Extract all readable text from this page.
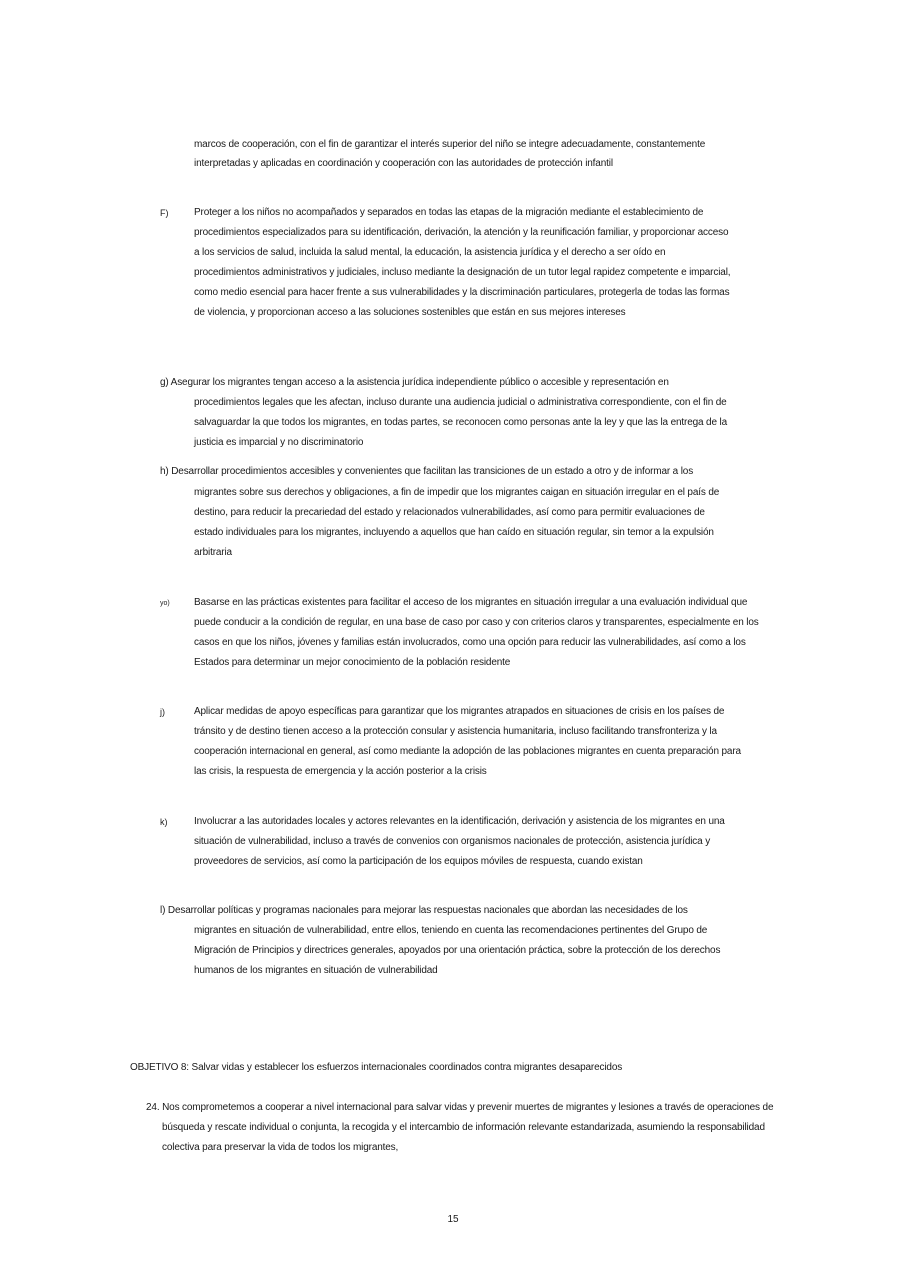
15
marcos de cooperación, con el fin de garantizar el interés superior del niño se integre adecuadamente, constantemente
interpretadas y aplicadas en coordinación y cooperación con las autoridades de protección infantil
F)	Proteger a los niños no acompañados y separados en todas las etapas de la migración mediante el establecimiento de
procedimientos especializados para su identificación, derivación, la atención y la reunificación familiar, y proporcionar acceso
a los servicios de salud, incluida la salud mental, la educación, la asistencia jurídica y el derecho a ser oído en
procedimientos administrativos y judiciales, incluso mediante la designación de un tutor legal rapidez competente e imparcial,
como medio esencial para hacer frente a sus vulnerabilidades y la discriminación particulares, protegerla de todas las formas
de violencia, y proporcionan acceso a las soluciones sostenibles que están en sus mejores intereses
g) Asegurar los migrantes tengan acceso a la asistencia jurídica independiente público o accesible y representación en
procedimientos legales que les afectan, incluso durante una audiencia judicial o administrativa correspondiente, con el fin de
salvaguardar la que todos los migrantes, en todas partes, se reconocen como personas ante la ley y que las la entrega de la
justicia es imparcial y no discriminatorio
h) Desarrollar procedimientos accesibles y convenientes que facilitan las transiciones de un estado a otro y de informar a los
migrantes sobre sus derechos y obligaciones, a fin de impedir que los migrantes caigan en situación irregular en el país de
destino, para reducir la precariedad del estado y relacionados vulnerabilidades, así como para permitir evaluaciones de
estado individuales para los migrantes, incluyendo a aquellos que han caído en situación regular, sin temor a la expulsión
arbitraria
yo) Basarse en las prácticas existentes para facilitar el acceso de los migrantes en situación irregular a una evaluación individual que
puede conducir a la condición de regular, en una base de caso por caso y con criterios claros y transparentes, especialmente en los
casos en que los niños, jóvenes y familias están involucrados, como una opción para reducir las vulnerabilidades, así como a los
Estados para determinar un mejor conocimiento de la población residente
j)	Aplicar medidas de apoyo específicas para garantizar que los migrantes atrapados en situaciones de crisis en los países de
tránsito y de destino tienen acceso a la protección consular y asistencia humanitaria, incluso facilitando transfronteriza y la
cooperación internacional en general, así como mediante la adopción de las poblaciones migrantes en cuenta preparación para
las crisis, la respuesta de emergencia y la acción posterior a la crisis
k)	Involucrar a las autoridades locales y actores relevantes en la identificación, derivación y asistencia de los migrantes en una
situación de vulnerabilidad, incluso a través de convenios con organismos nacionales de protección, asistencia jurídica y
proveedores de servicios, así como la participación de los equipos móviles de respuesta, cuando existan
l) Desarrollar políticas y programas nacionales para mejorar las respuestas nacionales que abordan las necesidades de los
migrantes en situación de vulnerabilidad, entre ellos, teniendo en cuenta las recomendaciones pertinentes del Grupo de
Migración de Principios y directrices generales, apoyados por una orientación práctica, sobre la protección de los derechos
humanos de los migrantes en situación de vulnerabilidad
OBJETIVO 8: Salvar vidas y establecer los esfuerzos internacionales coordinados contra migrantes desaparecidos
24. Nos comprometemos a cooperar a nivel internacional para salvar vidas y prevenir muertes de migrantes y lesiones a través de operaciones de
búsqueda y rescate individual o conjunta, la recogida y el intercambio de información relevante estandarizada, asumiendo la responsabilidad
colectiva para preservar la vida de todos los migrantes,
